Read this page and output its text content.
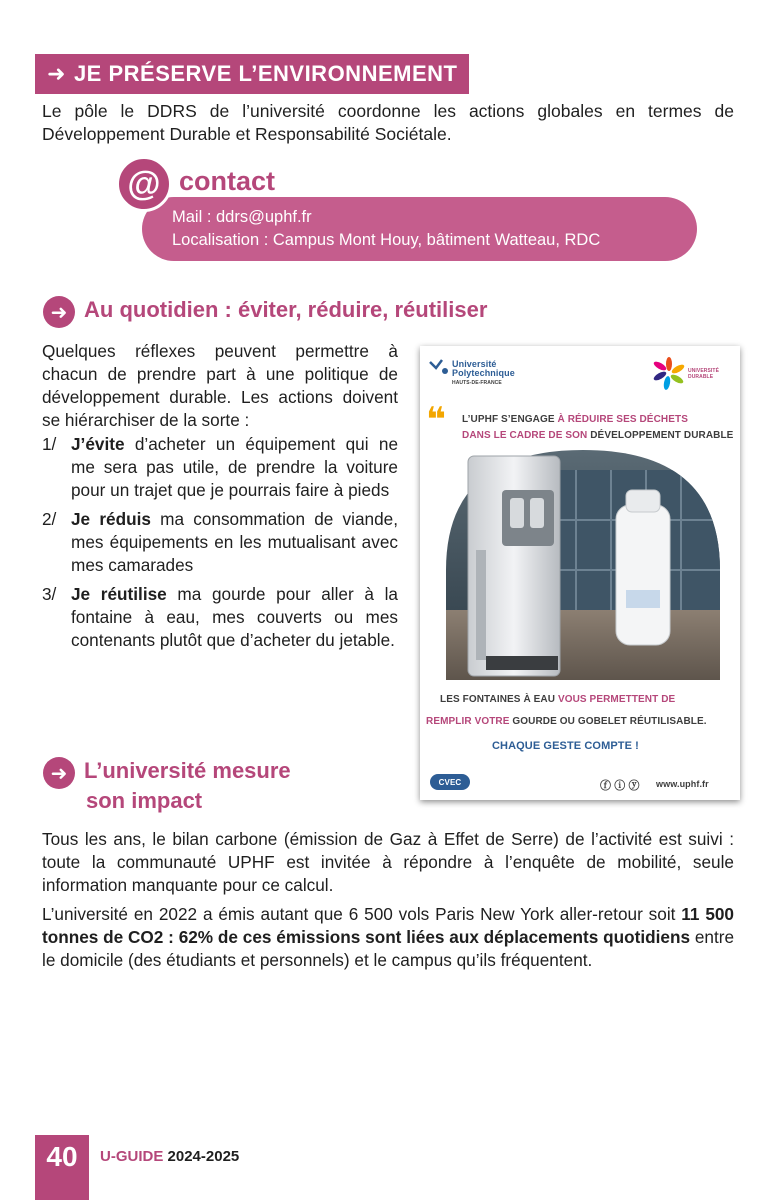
➜ JE PRÉSERVE L’ENVIRONNEMENT
Le pôle le DDRS de l’université coordonne les actions globales en termes de Développement Durable et Responsabilité Sociétale.
@ contact
Mail : ddrs@uphf.fr
Localisation : Campus Mont Houy, bâtiment Watteau, RDC
➜ Au quotidien : éviter, réduire, réutiliser
Quelques réflexes peuvent permettre à chacun de prendre part à une politique de développement durable. Les actions doivent se hiérarchiser de la sorte :
1/ J’évite d’acheter un équipement qui ne me sera pas utile, de prendre la voiture pour un trajet que je pourrais faire à pieds
2/ Je réduis ma consommation de viande, mes équipements en les mutualisant avec mes camarades
3/ Je réutilise ma gourde pour aller à la fontaine à eau, mes couverts ou mes contenants plutôt que d’acheter du jetable.
Université Polytechnique
HAUTS-DE-FRANCE
UNIVERSITÉ DURABLE
❝ L’UPHF S’ENGAGE À RÉDUIRE SES DÉCHETS
DANS LE CADRE DE SON DÉVELOPPEMENT DURABLE
LES FONTAINES À EAU VOUS PERMETTENT DE
REMPLIR VOTRE GOURDE OU GOBELET RÉUTILISABLE.
CHAQUE GESTE COMPTE !
CVEC	ⓕ ⓘ ⓨ www.uphf.fr
➜ L’université mesure
son impact
Tous les ans, le bilan carbone (émission de Gaz à Effet de Serre) de l’activité est suivi : toute la communauté UPHF est invitée à répondre à l’enquête de mobilité, seule information manquante pour ce calcul.
L’université en 2022 a émis autant que 6 500 vols Paris New York aller-retour soit 11 500 tonnes de CO2 : 62% de ces émissions sont liées aux déplacements quotidiens entre le domicile (des étudiants et personnels) et le campus qu’ils fréquentent.
40	U-GUIDE 2024-2025
